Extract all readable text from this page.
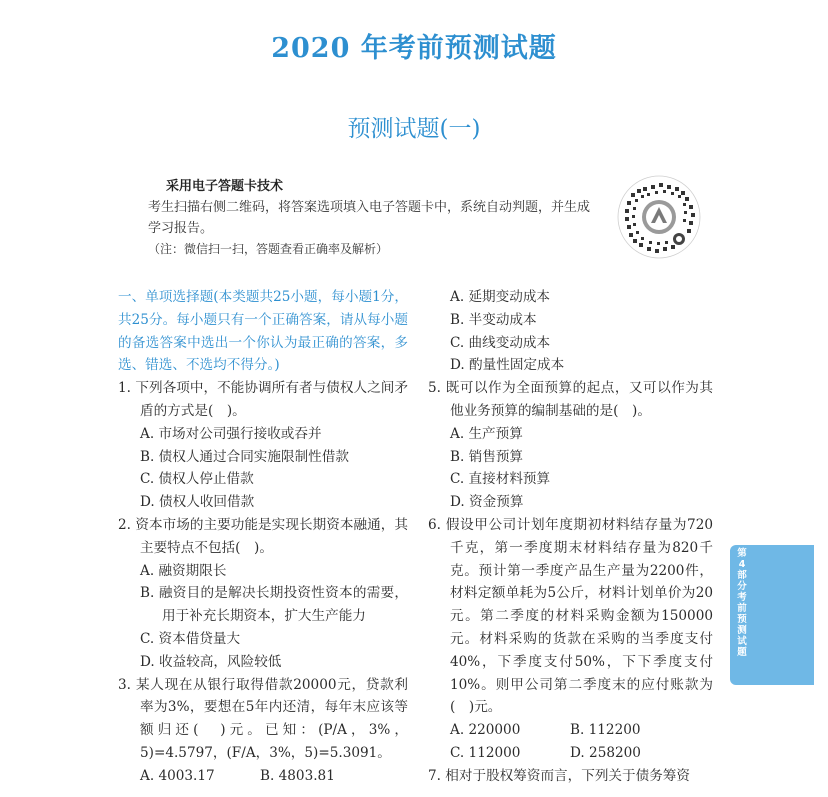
2020 年考前预测试题
预测试题(一)
采用电子答题卡技术
考生扫描右侧二维码，将答案选项填入电子答题卡中，系统自动判题，并生成学习报告。
（注：微信扫一扫，答题查看正确率及解析）
一、单项选择题(本类题共25小题，每小题1分，共25分。每小题只有一个正确答案，请从每小题的备选答案中选出一个你认为最正确的答案，多选、错选、不选均不得分。)
1. 下列各项中，不能协调所有者与债权人之间矛盾的方式是(　)。
A. 市场对公司强行接收或吞并
B. 债权人通过合同实施限制性借款
C. 债权人停止借款
D. 债权人收回借款
2. 资本市场的主要功能是实现长期资本融通，其主要特点不包括(　)。
A. 融资期限长
B. 融资目的是解决长期投资性资本的需要，用于补充长期资本，扩大生产能力
C. 资本借贷量大
D. 收益较高，风险较低
3. 某人现在从银行取得借款20000元，贷款利率为3%，要想在5年内还清，每年末应该等额归还(　)元。已知：(P/A，3%，5)=4.5797，(F/A，3%，5)=5.3091。
A. 4003.17	B. 4803.81
A. 延期变动成本
B. 半变动成本
C. 曲线变动成本
D. 酌量性固定成本
5. 既可以作为全面预算的起点，又可以作为其他业务预算的编制基础的是(　)。
A. 生产预算
B. 销售预算
C. 直接材料预算
D. 资金预算
6. 假设甲公司计划年度期初材料结存量为720千克，第一季度期末材料结存量为820千克。预计第一季度产品生产量为2200件，材料定额单耗为5公斤，材料计划单价为20元。第二季度的材料采购金额为150000元。材料采购的货款在采购的当季度支付40%，下季度支付50%，下下季度支付10%。则甲公司第二季度末的应付账款为(　)元。
A. 220000	B. 112200
C. 112000	D. 258200
7. 相对于股权筹资而言，下列关于债务筹资
第4部分 考前预测试题
